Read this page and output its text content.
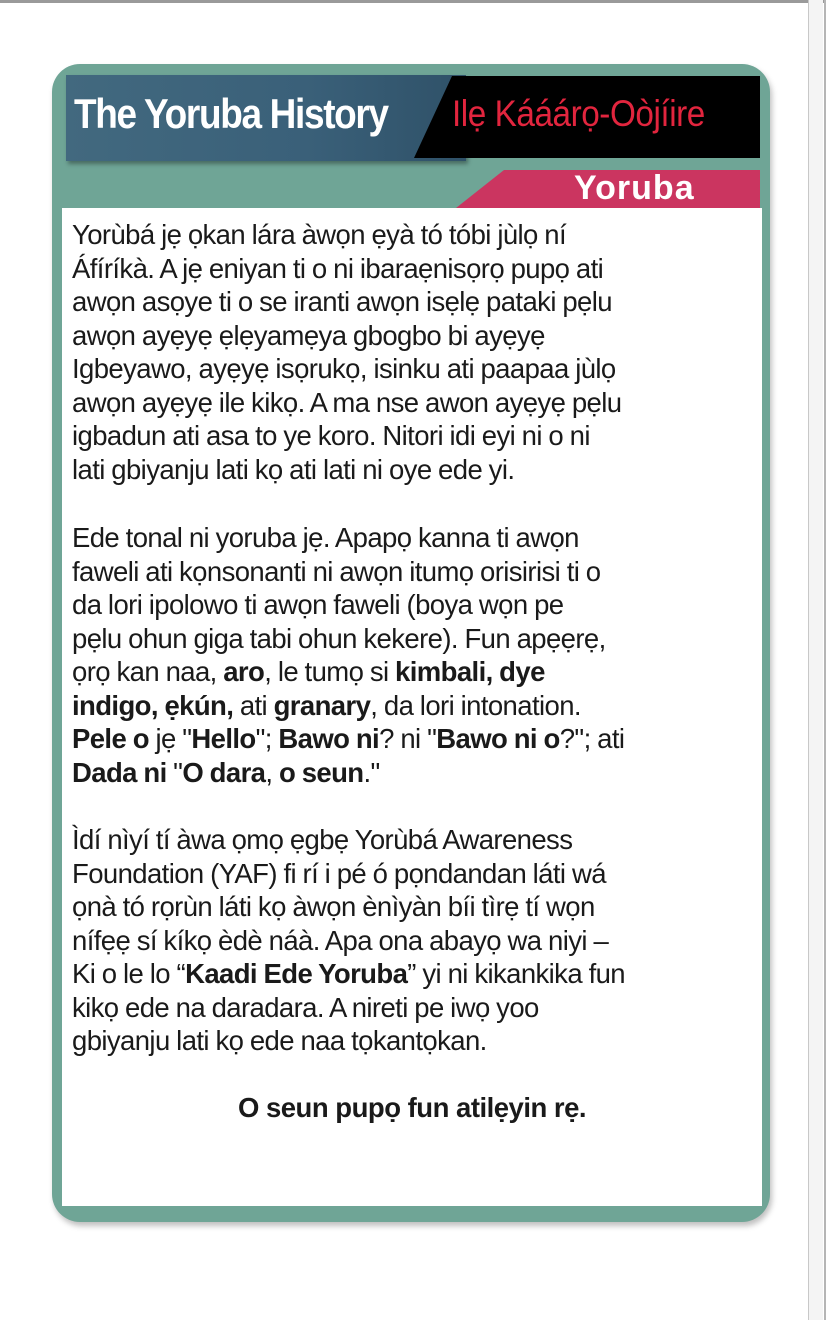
The Yoruba History Ilẹ Kááárọ-Oòjíire
Yoruba

Yorùbá jẹ ọkan lára àwọn ẹyà tó tóbi jùlọ ní
Áfíríkà. A jẹ eniyan ti o ni ibaraẹnisọrọ pupọ ati
awọn asọye ti o se iranti awọn isẹlẹ pataki pẹlu
awọn ayẹyẹ ẹlẹyamẹya gbogbo bi ayẹyẹ
Igbeyawo, ayẹyẹ isọrukọ, isinku ati paapaa jùlọ
awọn ayẹyẹ ile kikọ. A ma nse awon ayẹyẹ pẹlu
igbadun ati asa to ye koro. Nitori idi eyi ni o ni
lati gbiyanju lati kọ ati lati ni oye ede yi.

Ede tonal ni yoruba jẹ. Apapọ kanna ti awọn
faweli ati kọnsonanti ni awọn itumọ orisirisi ti o
da lori ipolowo ti awọn faweli (boya wọn pe
pẹlu ohun giga tabi ohun kekere). Fun apẹẹrẹ,
ọrọ kan naa, aro, le tumọ si kimbali, dye
indigo, ẹkún, ati granary, da lori intonation.
Pele o jẹ "Hello"; Bawo ni? ni "Bawo ni o?"; ati
Dada ni "O dara, o seun."

Ìdí nìyí tí àwa ọmọ ẹgbẹ Yorùbá Awareness
Foundation (YAF) fi rí i pé ó pọndandan láti wá
ọnà tó rọrùn láti kọ àwọn ènìyàn bíi tìrẹ tí wọn
nífẹẹ sí kíkọ èdè náà. Apa ona abayọ wa niyi –
Ki o le lo “Kaadi Ede Yoruba” yi ni kikankika fun
kikọ ede na daradara. A nireti pe iwọ yoo
gbiyanju lati kọ ede naa tọkantọkan.

O seun pupọ fun atilẹyin rẹ.
